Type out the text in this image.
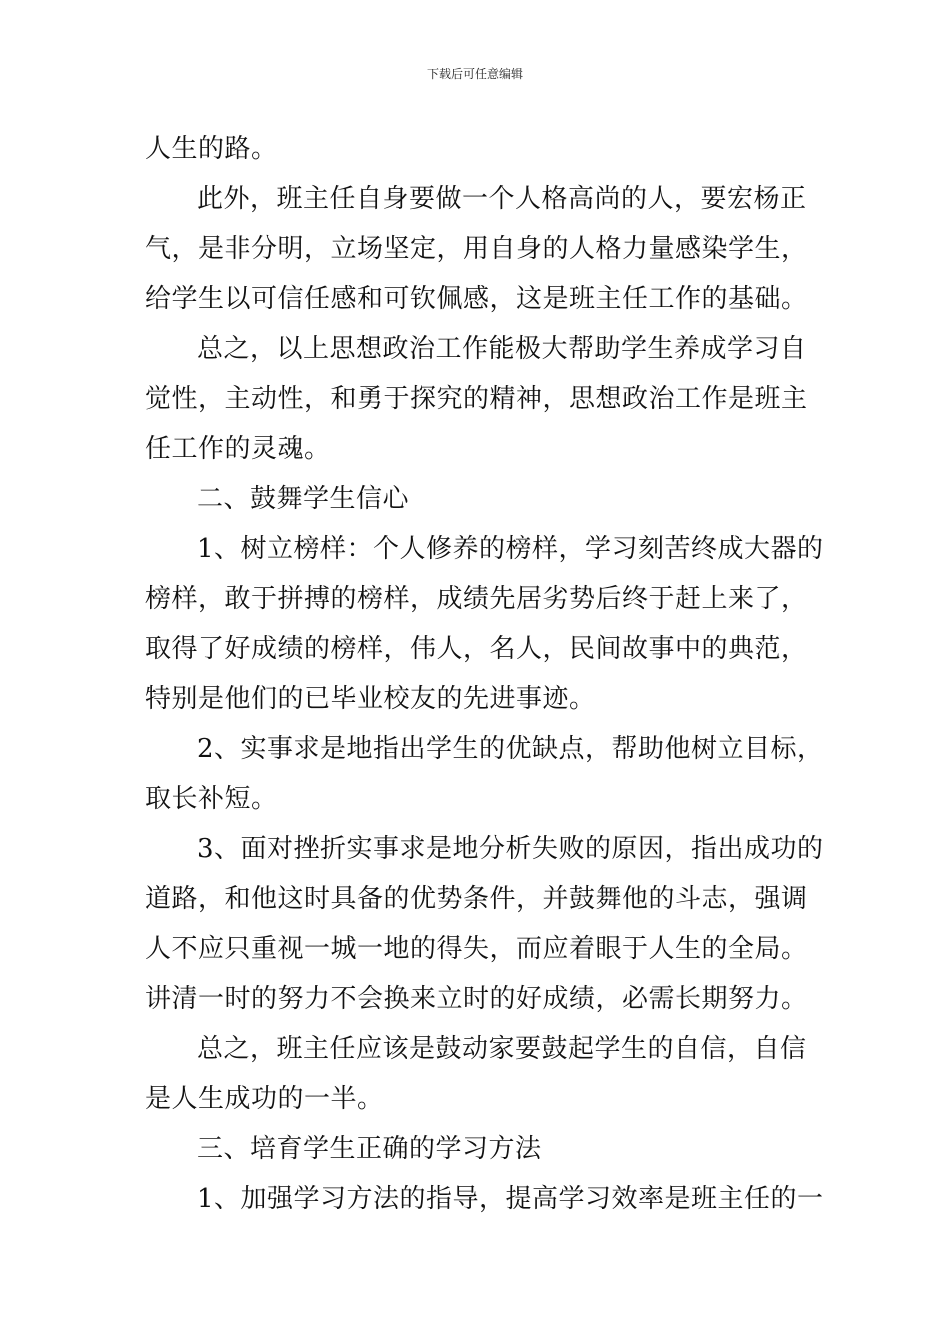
下载后可任意编辑
人生的路。
此外，班主任自身要做一个人格高尚的人，要宏杨正
气，是非分明，立场坚定，用自身的人格力量感染学生，
给学生以可信任感和可钦佩感，这是班主任工作的基础。
总之，以上思想政治工作能极大帮助学生养成学习自
觉性，主动性，和勇于探究的精神，思想政治工作是班主
任工作的灵魂。
二、鼓舞学生信心
1、树立榜样：个人修养的榜样，学习刻苦终成大器的
榜样，敢于拼搏的榜样，成绩先居劣势后终于赶上来了，
取得了好成绩的榜样，伟人，名人，民间故事中的典范，
特别是他们的已毕业校友的先进事迹。
2、实事求是地指出学生的优缺点，帮助他树立目标，
取长补短。
3、面对挫折实事求是地分析失败的原因，指出成功的
道路，和他这时具备的优势条件，并鼓舞他的斗志，强调
人不应只重视一城一地的得失，而应着眼于人生的全局。
讲清一时的努力不会换来立时的好成绩，必需长期努力。
总之，班主任应该是鼓动家要鼓起学生的自信，自信
是人生成功的一半。
三、培育学生正确的学习方法
1、加强学习方法的指导，提高学习效率是班主任的一
